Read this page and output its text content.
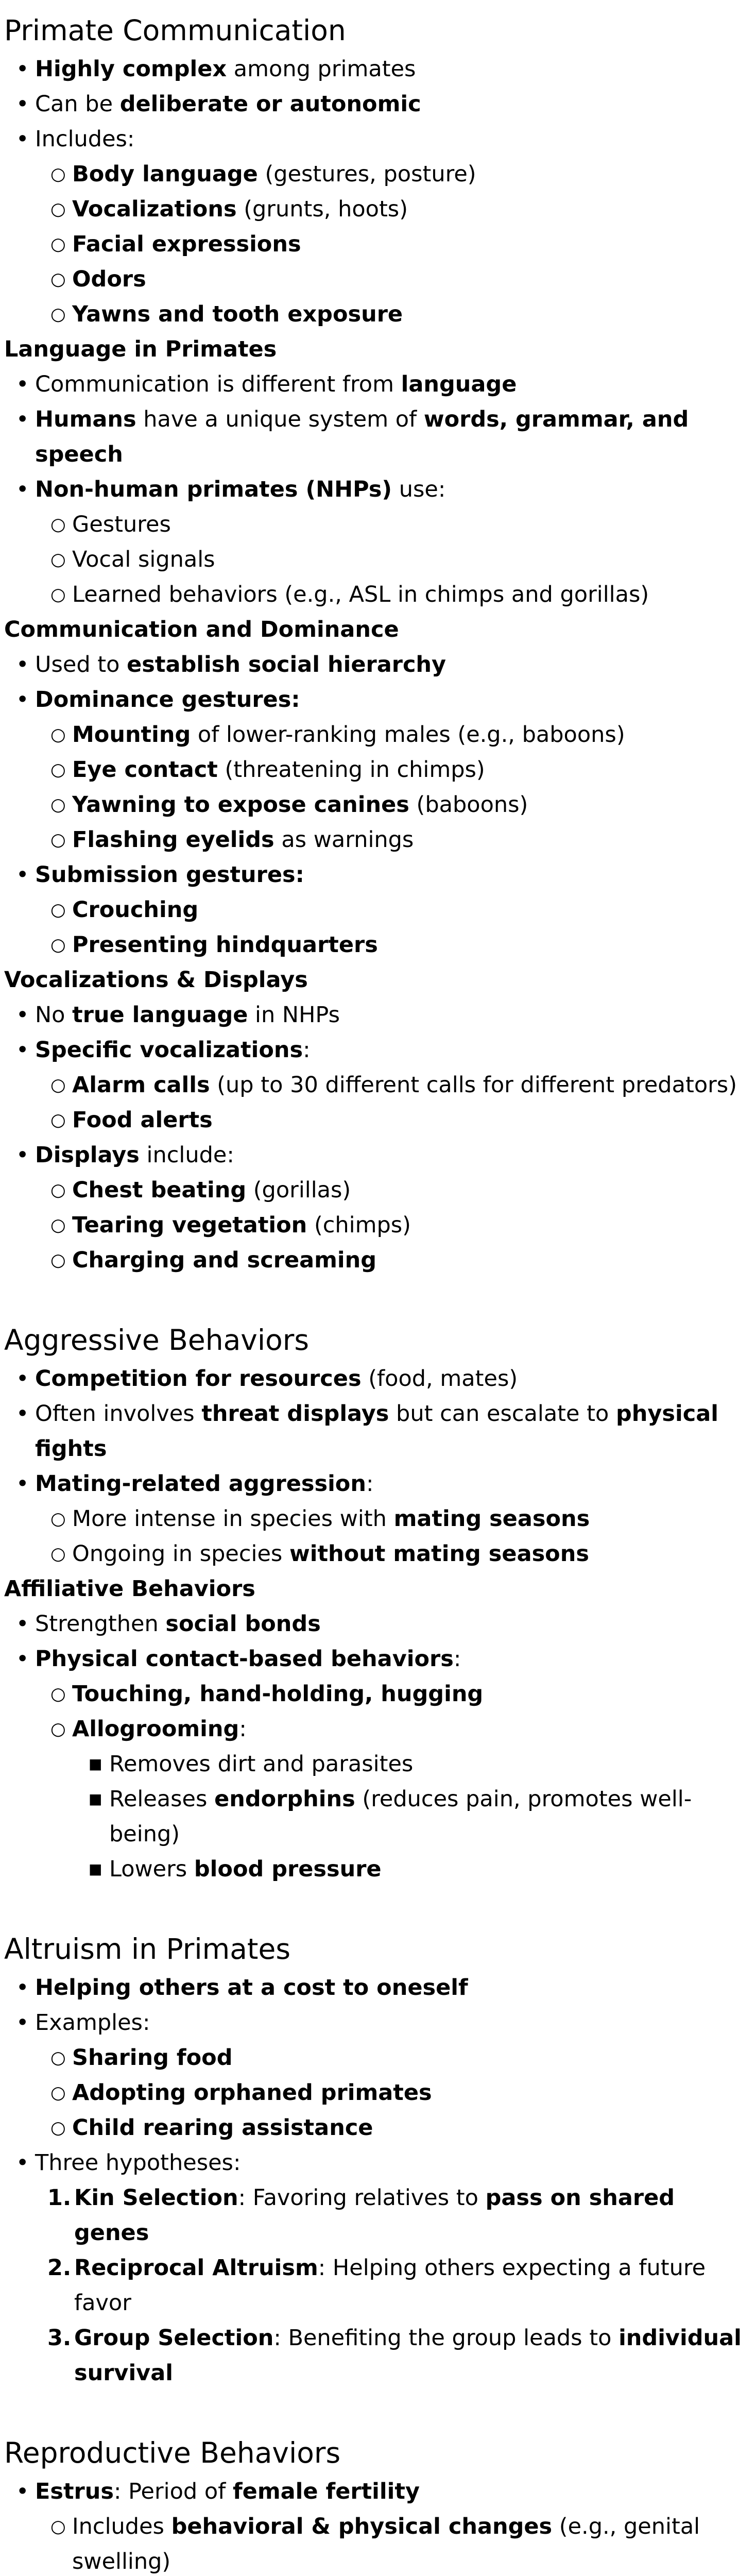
Primate Communication
• Highly complex among primates
• Can be deliberate or autonomic
• Includes:
○ Body language (gestures, posture)
○ Vocalizations (grunts, hoots)
○ Facial expressions
○ Odors
○ Yawns and tooth exposure
Language in Primates
• Communication is different from language
• Humans have a unique system of words, grammar, and speech
• Non-human primates (NHPs) use:
○ Gestures
○ Vocal signals
○ Learned behaviors (e.g., ASL in chimps and gorillas)
Communication and Dominance
• Used to establish social hierarchy
• Dominance gestures:
○ Mounting of lower-ranking males (e.g., baboons)
○ Eye contact (threatening in chimps)
○ Yawning to expose canines (baboons)
○ Flashing eyelids as warnings
• Submission gestures:
○ Crouching
○ Presenting hindquarters
Vocalizations & Displays
• No true language in NHPs
• Specific vocalizations:
○ Alarm calls (up to 30 different calls for different predators)
○ Food alerts
• Displays include:
○ Chest beating (gorillas)
○ Tearing vegetation (chimps)
○ Charging and screaming
Aggressive Behaviors
• Competition for resources (food, mates)
• Often involves threat displays but can escalate to physical fights
• Mating-related aggression:
○ More intense in species with mating seasons
○ Ongoing in species without mating seasons
Affiliative Behaviors
• Strengthen social bonds
• Physical contact-based behaviors:
○ Touching, hand-holding, hugging
○ Allogrooming:
■ Removes dirt and parasites
■ Releases endorphins (reduces pain, promotes well-being)
■ Lowers blood pressure
Altruism in Primates
• Helping others at a cost to oneself
• Examples:
○ Sharing food
○ Adopting orphaned primates
○ Child rearing assistance
• Three hypotheses:
Kin Selection: Favoring relatives to pass on shared genes
Reciprocal Altruism: Helping others expecting a future favor
Group Selection: Benefiting the group leads to individual survival
Reproductive Behaviors
• Estrus: Period of female fertility
○ Includes behavioral & physical changes (e.g., genital swelling)
